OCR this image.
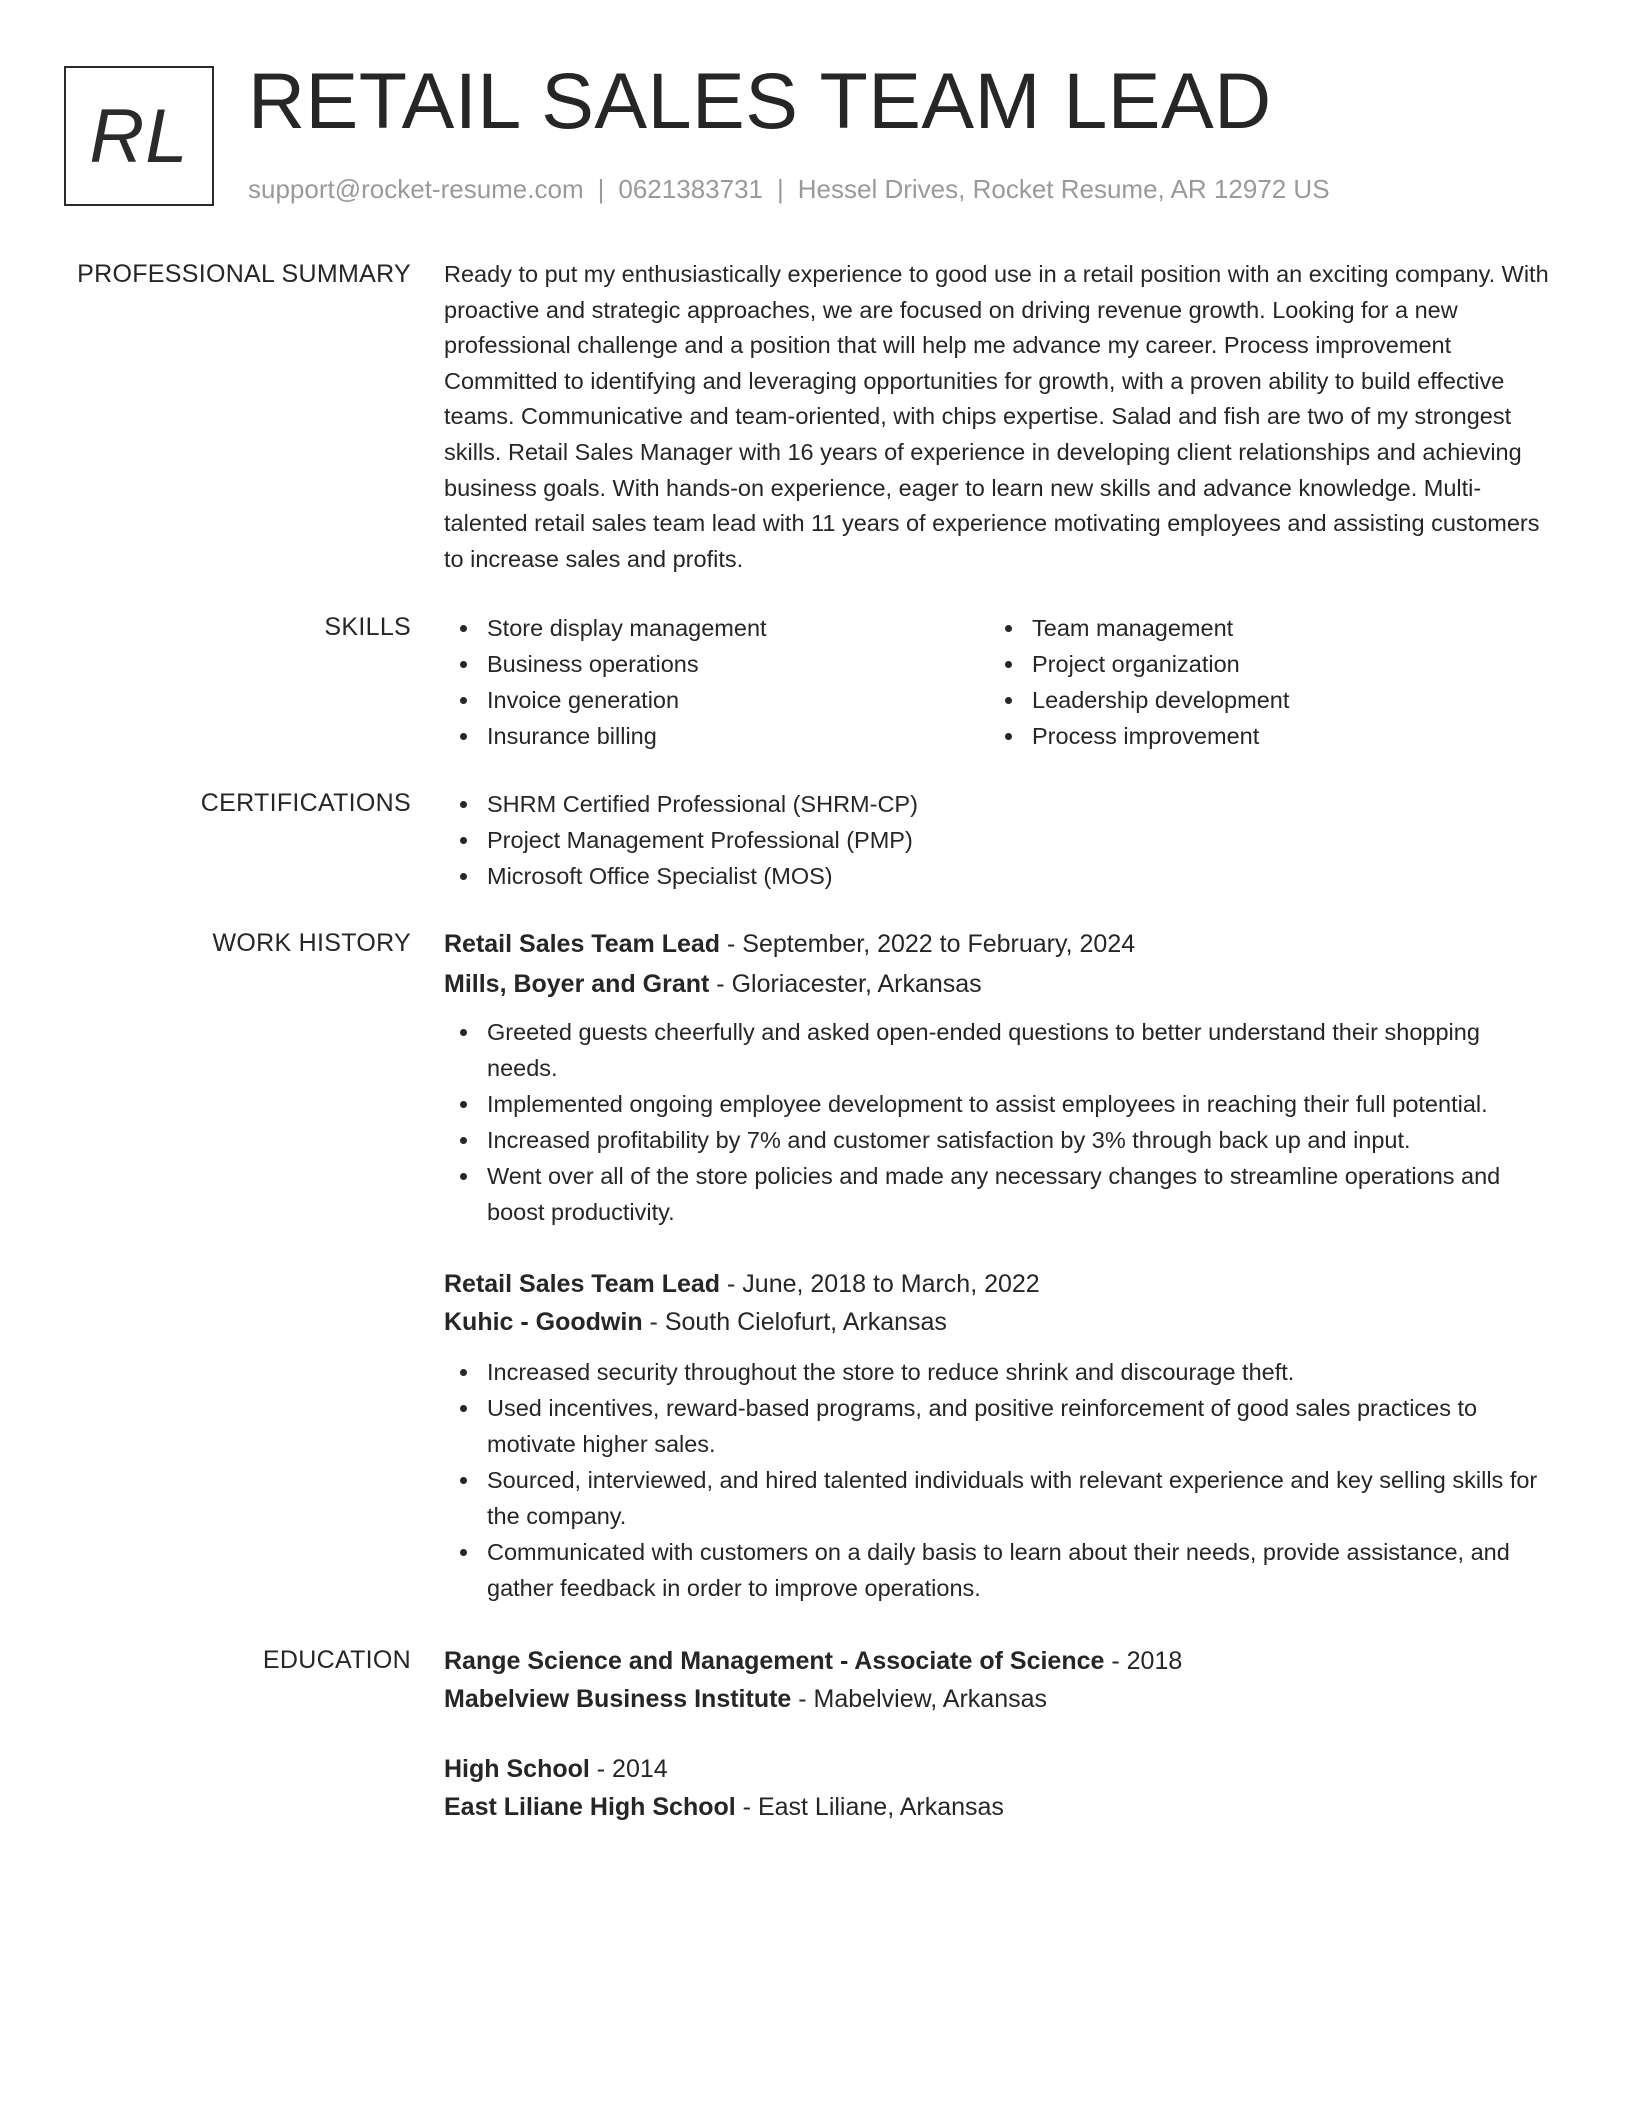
RL RETAIL SALES TEAM LEAD
support@rocket-resume.com | 0621383731 | Hessel Drives, Rocket Resume, AR 12972 US
PROFESSIONAL SUMMARY Ready to put my enthusiastically experience to good use in a retail position with an exciting company. With proactive and strategic approaches, we are focused on driving revenue growth. Looking for a new professional challenge and a position that will help me advance my career. Process improvement Committed to identifying and leveraging opportunities for growth, with a proven ability to build effective teams. Communicative and team-oriented, with chips expertise. Salad and fish are two of my strongest skills. Retail Sales Manager with 16 years of experience in developing client relationships and achieving business goals. With hands-on experience, eager to learn new skills and advance knowledge. Multi-talented retail sales team lead with 11 years of experience motivating employees and assisting customers to increase sales and profits.

SKILLS	Store display management
Business operations
Invoice generation
Insurance billing
Team management
Project organization
Leadership development
Process improvement
CERTIFICATIONS	SHRM Certified Professional (SHRM-CP)
Project Management Professional (PMP)
Microsoft Office Specialist (MOS)
WORK HISTORY Retail Sales Team Lead - September, 2022 to February, 2024
Mills, Boyer and Grant - Gloriacester, Arkansas
Greeted guests cheerfully and asked open-ended questions to better understand their shopping needs.
Implemented ongoing employee development to assist employees in reaching their full potential.
Increased profitability by 7% and customer satisfaction by 3% through back up and input.
Went over all of the store policies and made any necessary changes to streamline operations and boost productivity.
Retail Sales Team Lead - June, 2018 to March, 2022
Kuhic - Goodwin - South Cielofurt, Arkansas
Increased security throughout the store to reduce shrink and discourage theft.
Used incentives, reward-based programs, and positive reinforcement of good sales practices to motivate higher sales.
Sourced, interviewed, and hired talented individuals with relevant experience and key selling skills for the company.
Communicated with customers on a daily basis to learn about their needs, provide assistance, and gather feedback in order to improve operations.
EDUCATION Range Science and Management - Associate of Science - 2018
Mabelview Business Institute - Mabelview, Arkansas
High School - 2014
East Liliane High School - East Liliane, Arkansas
